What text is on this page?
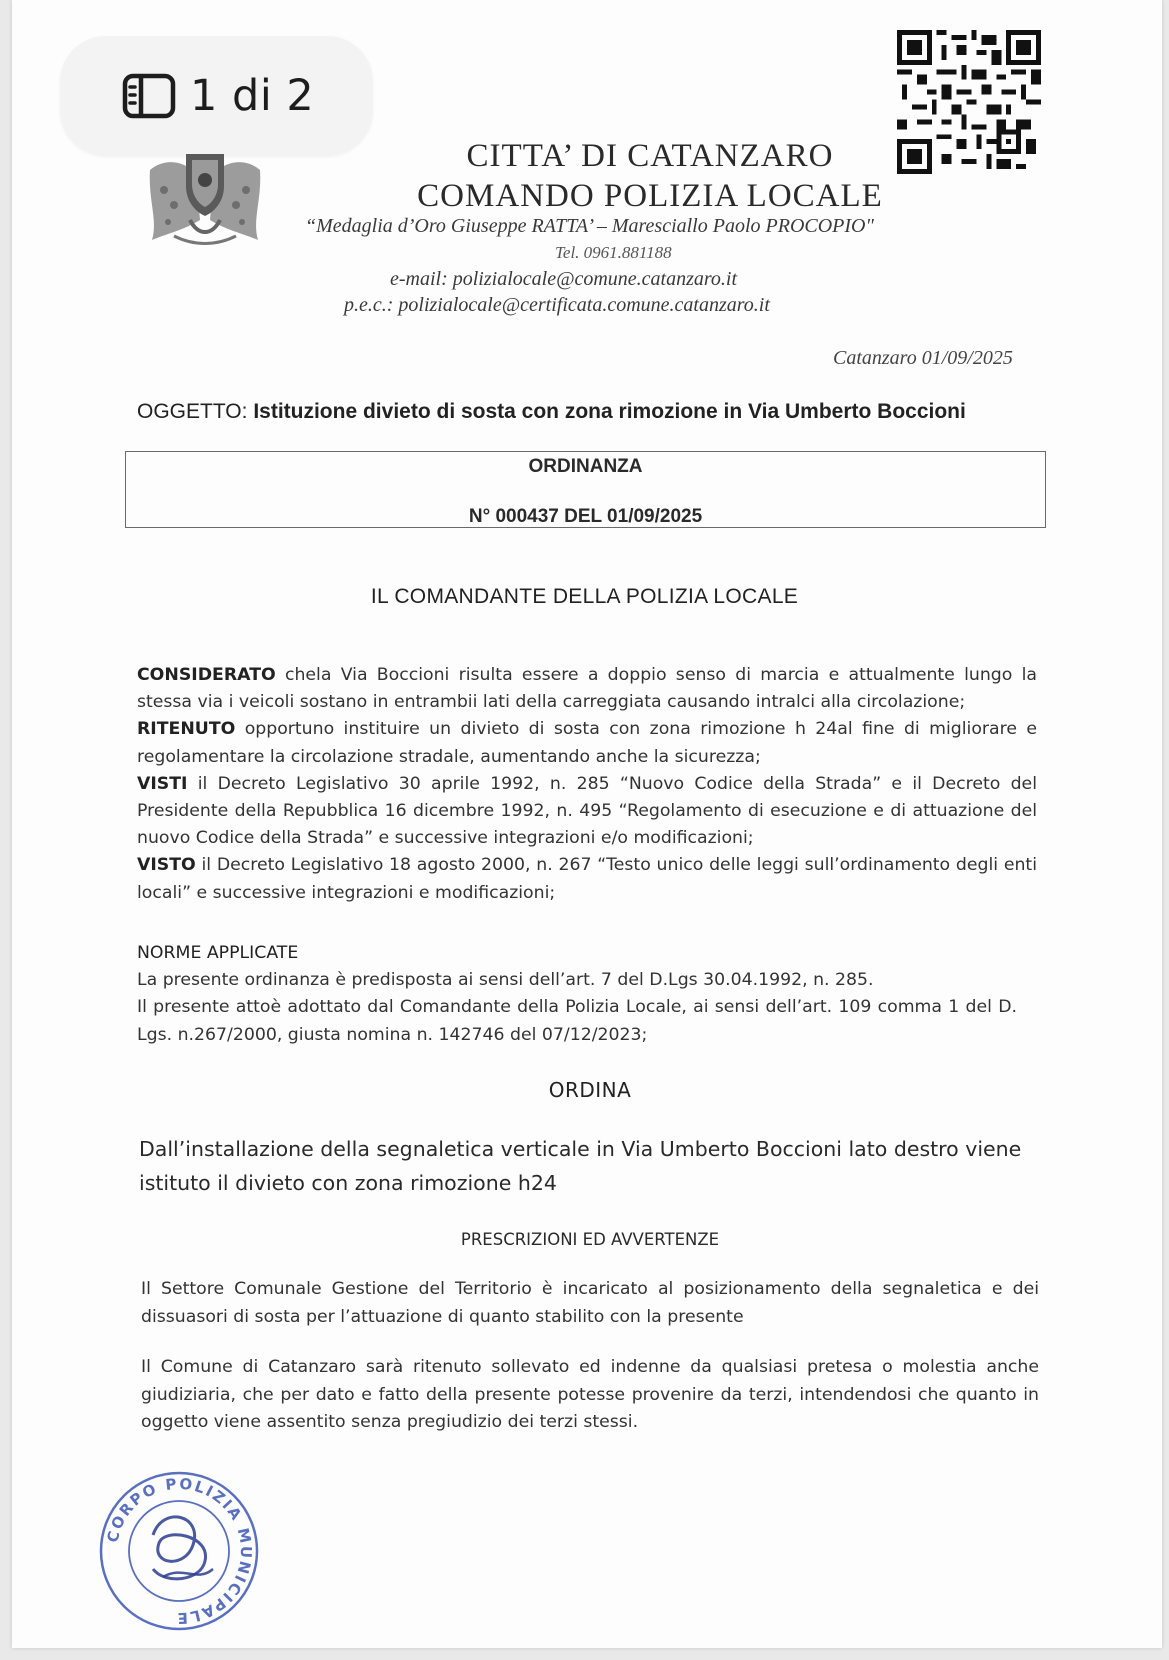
1 di 2
CITTA’ DI CATANZARO
COMANDO POLIZIA LOCALE
“Medaglia d’Oro Giuseppe RATTA’ – Maresciallo Paolo PROCOPIO"
Tel. 0961.881188
e-mail: polizialocale@comune.catanzaro.it
p.e.c.: polizialocale@certificata.comune.catanzaro.it
Catanzaro 01/09/2025
OGGETTO: Istituzione divieto di sosta con zona rimozione in Via Umberto Boccioni
ORDINANZA
N° 000437 DEL 01/09/2025
IL COMANDANTE DELLA POLIZIA LOCALE

CONSIDERATO chela Via Boccioni risulta essere a doppio senso di marcia e attualmente lungo la stessa via i veicoli sostano in entrambii lati della carreggiata causando intralci alla circolazione;

RITENUTO opportuno instituire un divieto di sosta con zona rimozione h 24al fine di migliorare e regolamentare la circolazione stradale, aumentando anche la sicurezza;

VISTI il Decreto Legislativo 30 aprile 1992, n. 285 “Nuovo Codice della Strada” e il Decreto del Presidente della Repubblica 16 dicembre 1992, n. 495 “Regolamento di esecuzione e di attuazione del nuovo Codice della Strada” e successive integrazioni e/o modificazioni;

VISTO il Decreto Legislativo 18 agosto 2000, n. 267 “Testo unico delle leggi sull’ordinamento degli enti locali” e successive integrazioni e modificazioni;

NORME APPLICATE

La presente ordinanza è predisposta ai sensi dell’art. 7 del D.Lgs 30.04.1992, n. 285.

Il presente attoè adottato dal Comandante della Polizia Locale, ai sensi dell’art. 109 comma 1 del D. Lgs. n.267/2000, giusta nomina n. 142746 del 07/12/2023;

ORDINA
Dall’installazione della segnaletica verticale in Via Umberto Boccioni lato destro viene istituto il divieto con zona rimozione h24
PRESCRIZIONI ED AVVERTENZE
Il Settore Comunale Gestione del Territorio è incaricato al posizionamento della segnaletica e dei dissuasori di sosta per l’attuazione di quanto stabilito con la presente
Il Comune di Catanzaro sarà ritenuto sollevato ed indenne da qualsiasi pretesa o molestia anche giudiziaria, che per dato e fatto della presente potesse provenire da terzi, intendendosi che quanto in oggetto viene assentito senza pregiudizio dei terzi stessi.
CORPO POLIZIA MUNICIPALE
